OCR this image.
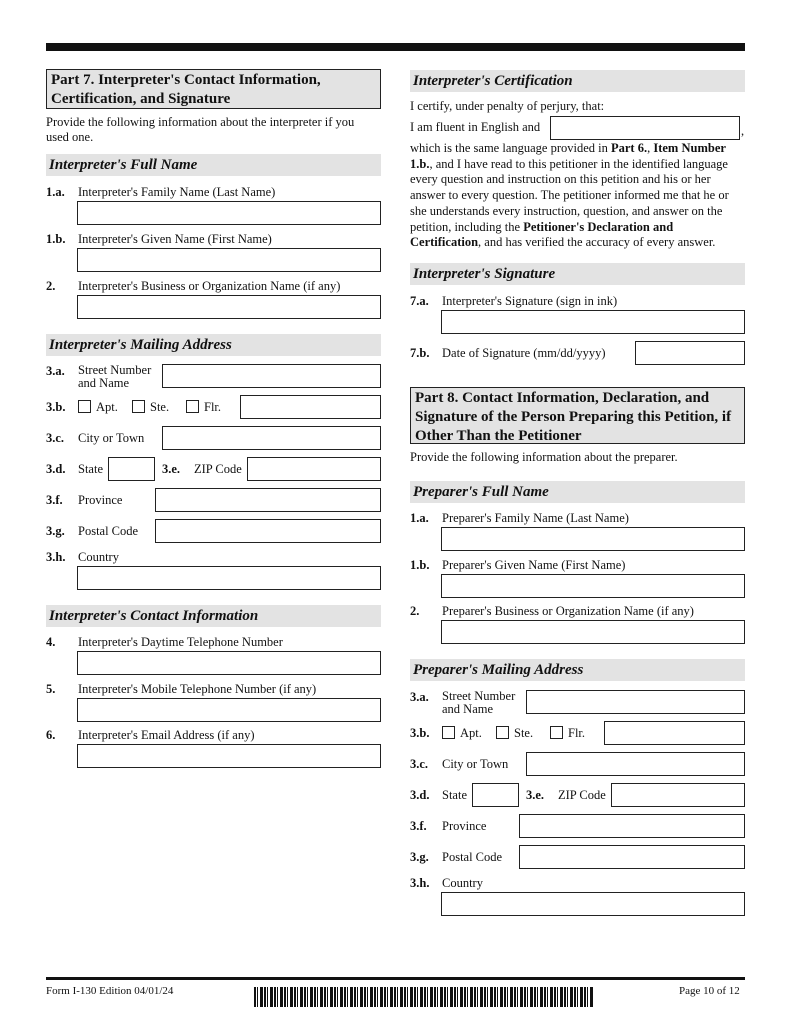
Part 7. Interpreter's Contact Information,
Certification, and Signature
Provide the following information about the interpreter if you used one.
Interpreter's Full Name
1.a. Interpreter's Family Name (Last Name)
1.b. Interpreter's Given Name (First Name)
2. Interpreter's Business or Organization Name (if any)
Interpreter's Mailing Address
3.a. Street Number
and Name
3.b. Apt.	Ste.	Flr.
3.c. City or Town
3.d. State	3.e. ZIP Code
3.f. Province
3.g. Postal Code
3.h. Country
Interpreter's Contact Information
4. Interpreter's Daytime Telephone Number
5. Interpreter's Mobile Telephone Number (if any)
6. Interpreter's Email Address (if any)
Interpreter's Certification
I certify, under penalty of perjury, that:
I am fluent in English and	,
which is the same language provided in Part 6., Item Number 1.b., and I have read to this petitioner in the identified language every question and instruction on this petition and his or her answer to every question. The petitioner informed me that he or she understands every instruction, question, and answer on the petition, including the Petitioner's Declaration and Certification, and has verified the accuracy of every answer.
Interpreter's Signature
7.a. Interpreter's Signature (sign in ink)
7.b. Date of Signature (mm/dd/yyyy)
Part 8. Contact Information, Declaration, and
Signature of the Person Preparing this Petition, if
Other Than the Petitioner
Provide the following information about the preparer.
Preparer's Full Name
1.a. Preparer's Family Name (Last Name)
1.b. Preparer's Given Name (First Name)
2. Preparer's Business or Organization Name (if any)
Preparer's Mailing Address
3.a. Street Number
and Name
3.b. Apt.	Ste.	Flr.
3.c. City or Town
3.d. State	3.e. ZIP Code
3.f. Province
3.g. Postal Code
3.h. Country
Form I-130 Edition 04/01/24	Page 10 of 12
